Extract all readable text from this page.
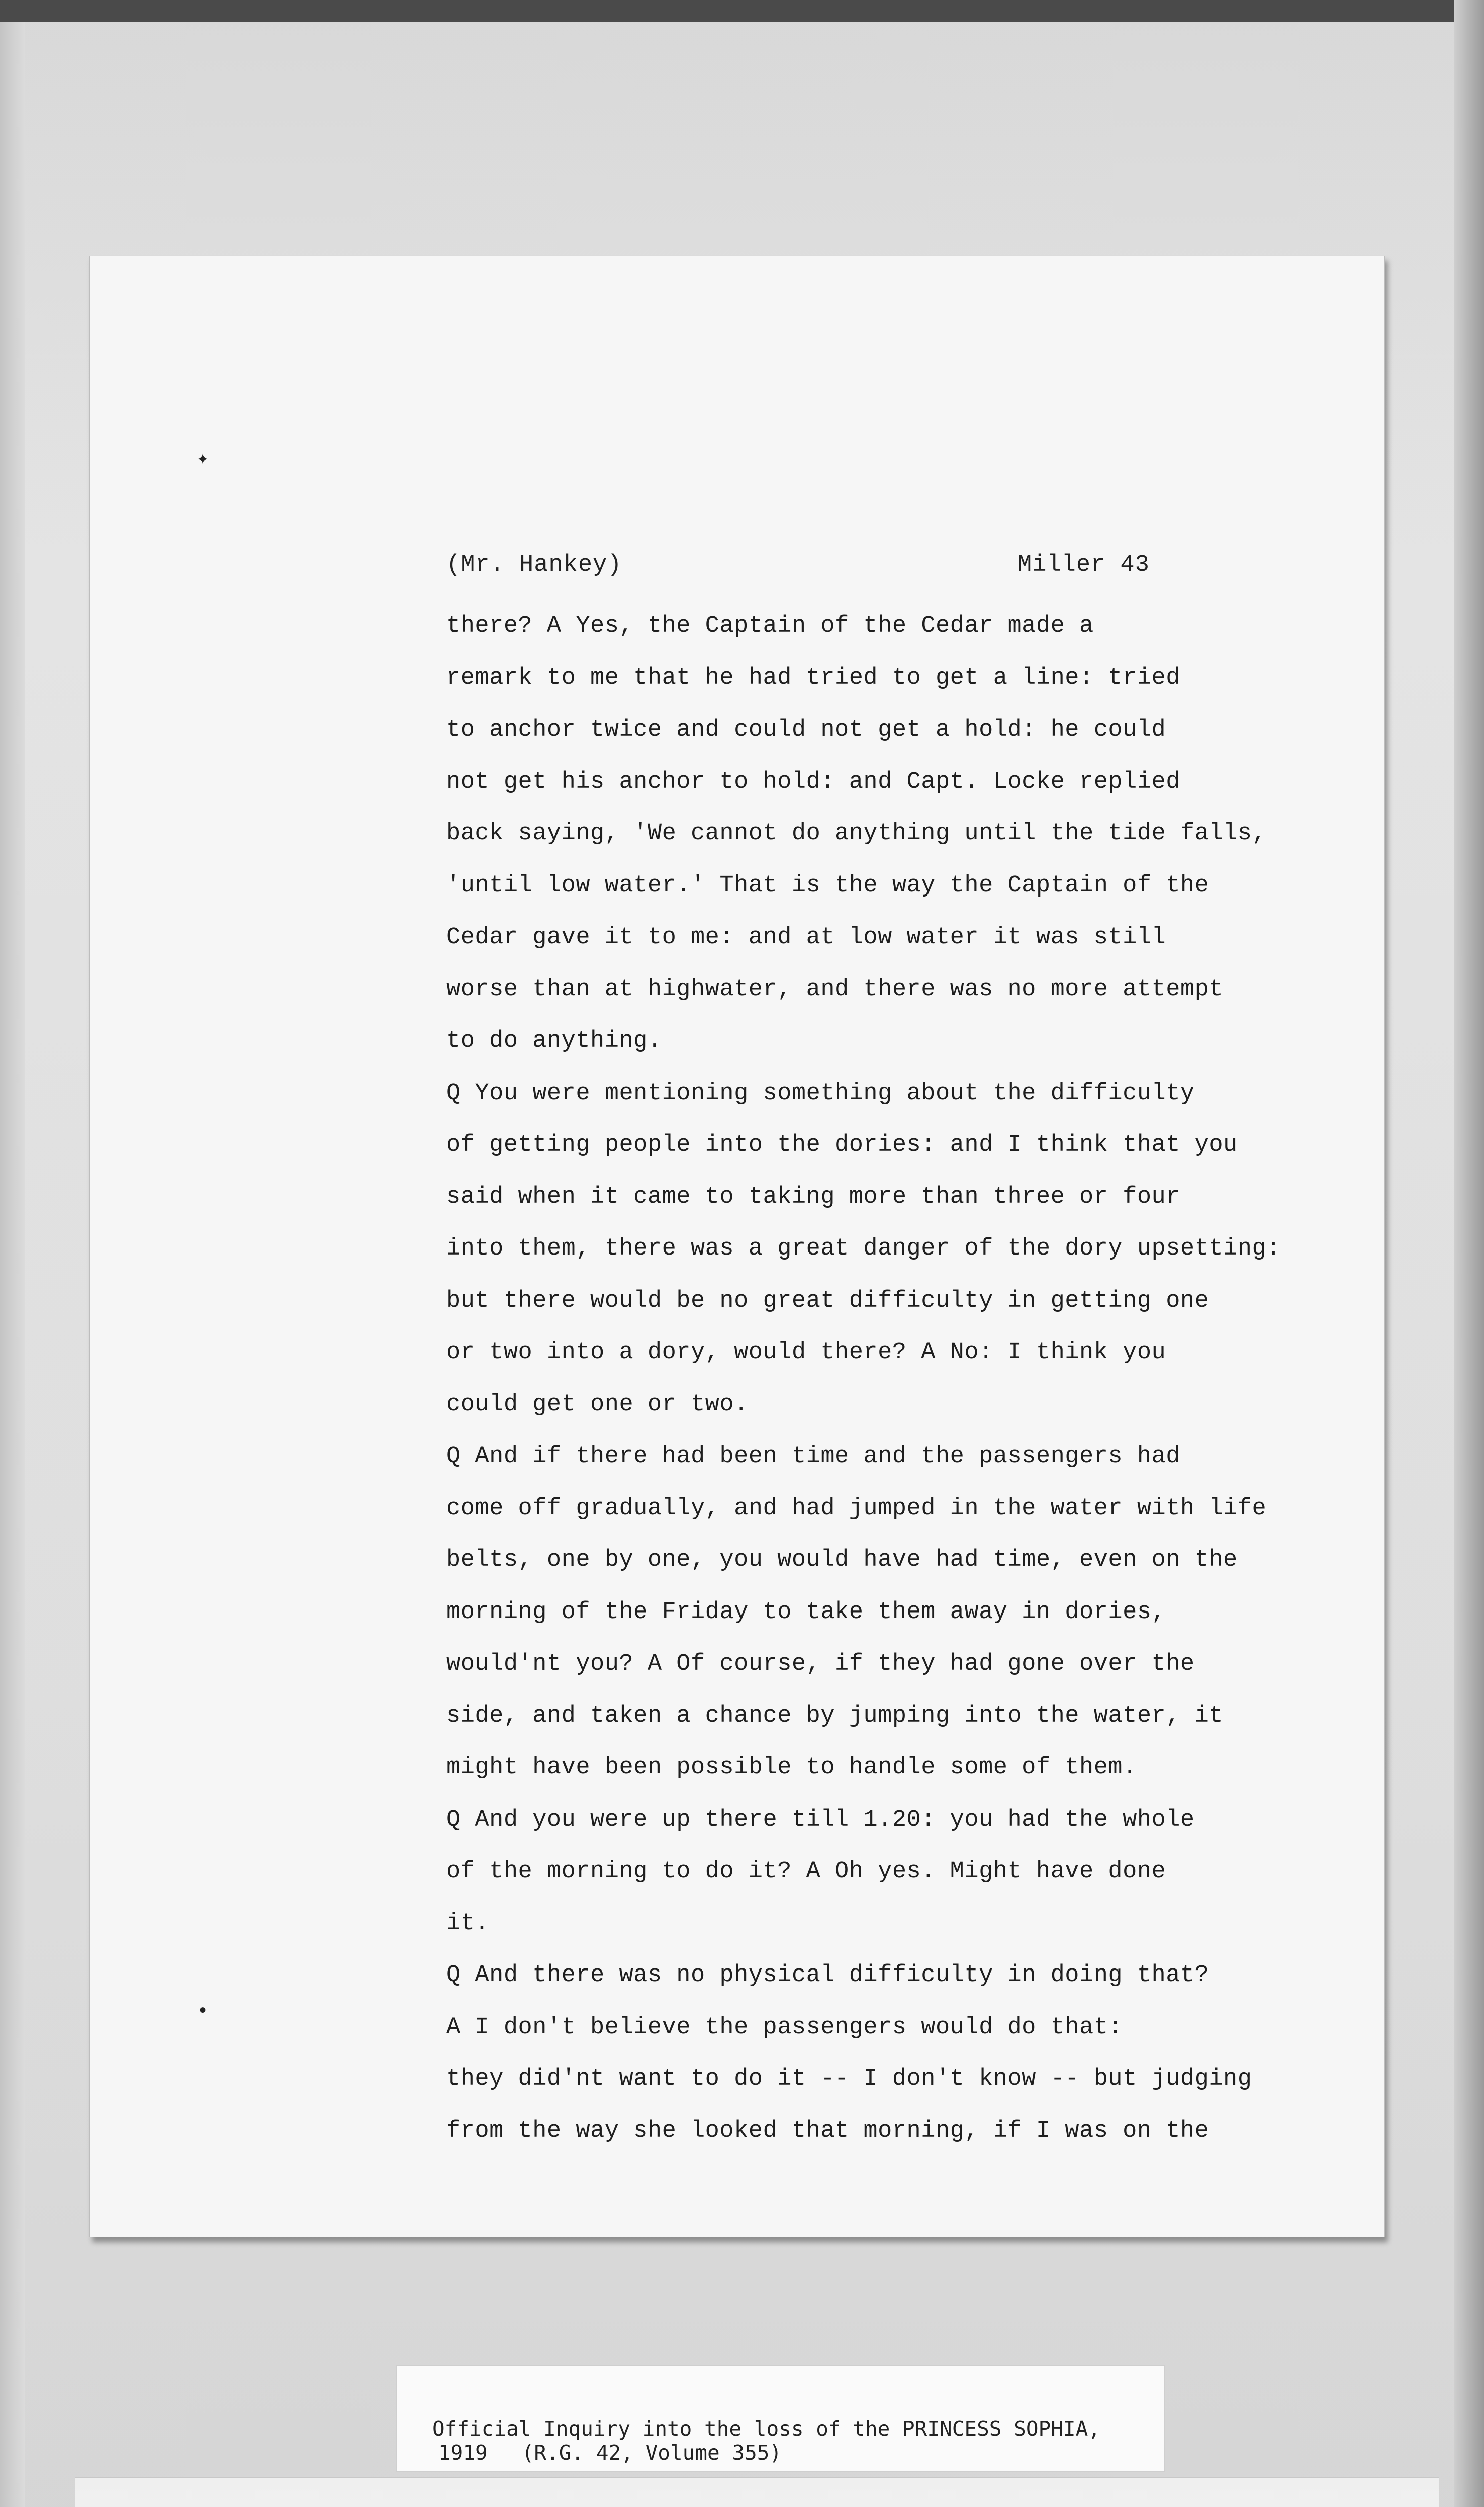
✦
•
(Mr. Hankey)	Miller 43
there? A Yes, the Captain of the Cedar made a
remark to me that he had tried to get a line: tried
to anchor twice and could not get a hold: he could
not get his anchor to hold: and Capt. Locke replied
back saying, 'We cannot do anything until the tide falls,
'until low water.' That is the way the Captain of the
Cedar gave it to me: and at low water it was still
worse than at highwater, and there was no more attempt
to do anything.
Q You were mentioning something about the difficulty
of getting people into the dories: and I think that you
said when it came to taking more than three or four
into them, there was a great danger of the dory upsetting:
but there would be no great difficulty in getting one
or two into a dory, would there? A No: I think you
could get one or two.
Q And if there had been time and the passengers had
come off gradually, and had jumped in the water with life
belts, one by one, you would have had time, even on the
morning of the Friday to take them away in dories,
would'nt you? A Of course, if they had gone over the
side, and taken a chance by jumping into the water, it
might have been possible to handle some of them.
Q And you were up there till 1.20: you had the whole
of the morning to do it? A Oh yes. Might have done
it.
Q And there was no physical difficulty in doing that?
A I don't believe the passengers would do that:
they did'nt want to do it -- I don't know -- but judging
from the way she looked that morning, if I was on the
Official Inquiry into the loss of the PRINCESS SOPHIA,
1919 (R.G. 42, Volume 355)
